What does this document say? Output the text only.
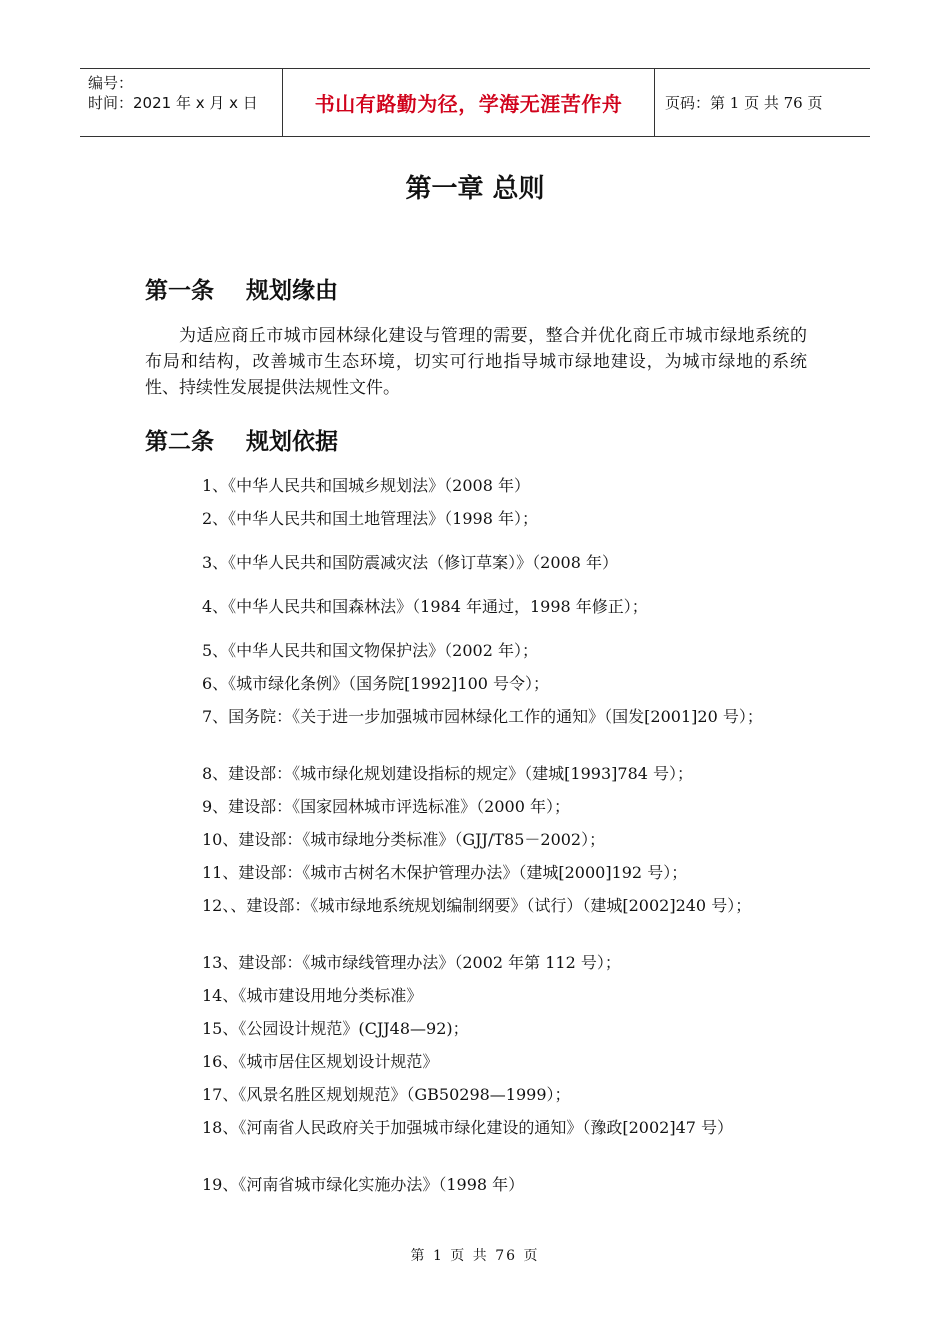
编号：
时间：2021 年 x 月 x 日	书山有路勤为径，学海无涯苦作舟	页码：第 1 页 共 76 页
第一章 总则
第一条    规划缘由
为适应商丘市城市园林绿化建设与管理的需要，整合并优化商丘市城市绿地系统的布局和结构，改善城市生态环境，切实可行地指导城市绿地建设，为城市绿地的系统性、持续性发展提供法规性文件。
第二条    规划依据
1、《中华人民共和国城乡规划法》（2008 年）
2、《中华人民共和国土地管理法》（1998 年）；
3、《中华人民共和国防震减灾法（修订草案）》（2008 年）
4、《中华人民共和国森林法》（1984 年通过，1998 年修正）；
5、《中华人民共和国文物保护法》（2002 年）；
6、《城市绿化条例》（国务院[1992]100 号令）；
7、国务院：《关于进一步加强城市园林绿化工作的通知》（国发[2001]20 号）；
8、建设部：《城市绿化规划建设指标的规定》（建城[1993]784 号）；
9、建设部：《国家园林城市评选标准》（2000 年）；
10、建设部：《城市绿地分类标准》（GJJ/T85－2002）；
11、建设部：《城市古树名木保护管理办法》（建城[2000]192 号）；
12、、建设部：《城市绿地系统规划编制纲要》（试行）（建城[2002]240 号）；
13、建设部：《城市绿线管理办法》（2002 年第 112 号）；
14、《城市建设用地分类标准》
15、《公园设计规范》(CJJ48—92)；
16、《城市居住区规划设计规范》
17、《风景名胜区规划规范》（GB50298—1999）；
18、《河南省人民政府关于加强城市绿化建设的通知》（豫政[2002]47 号）
19、《河南省城市绿化实施办法》（1998 年）
第 1 页 共 76 页
